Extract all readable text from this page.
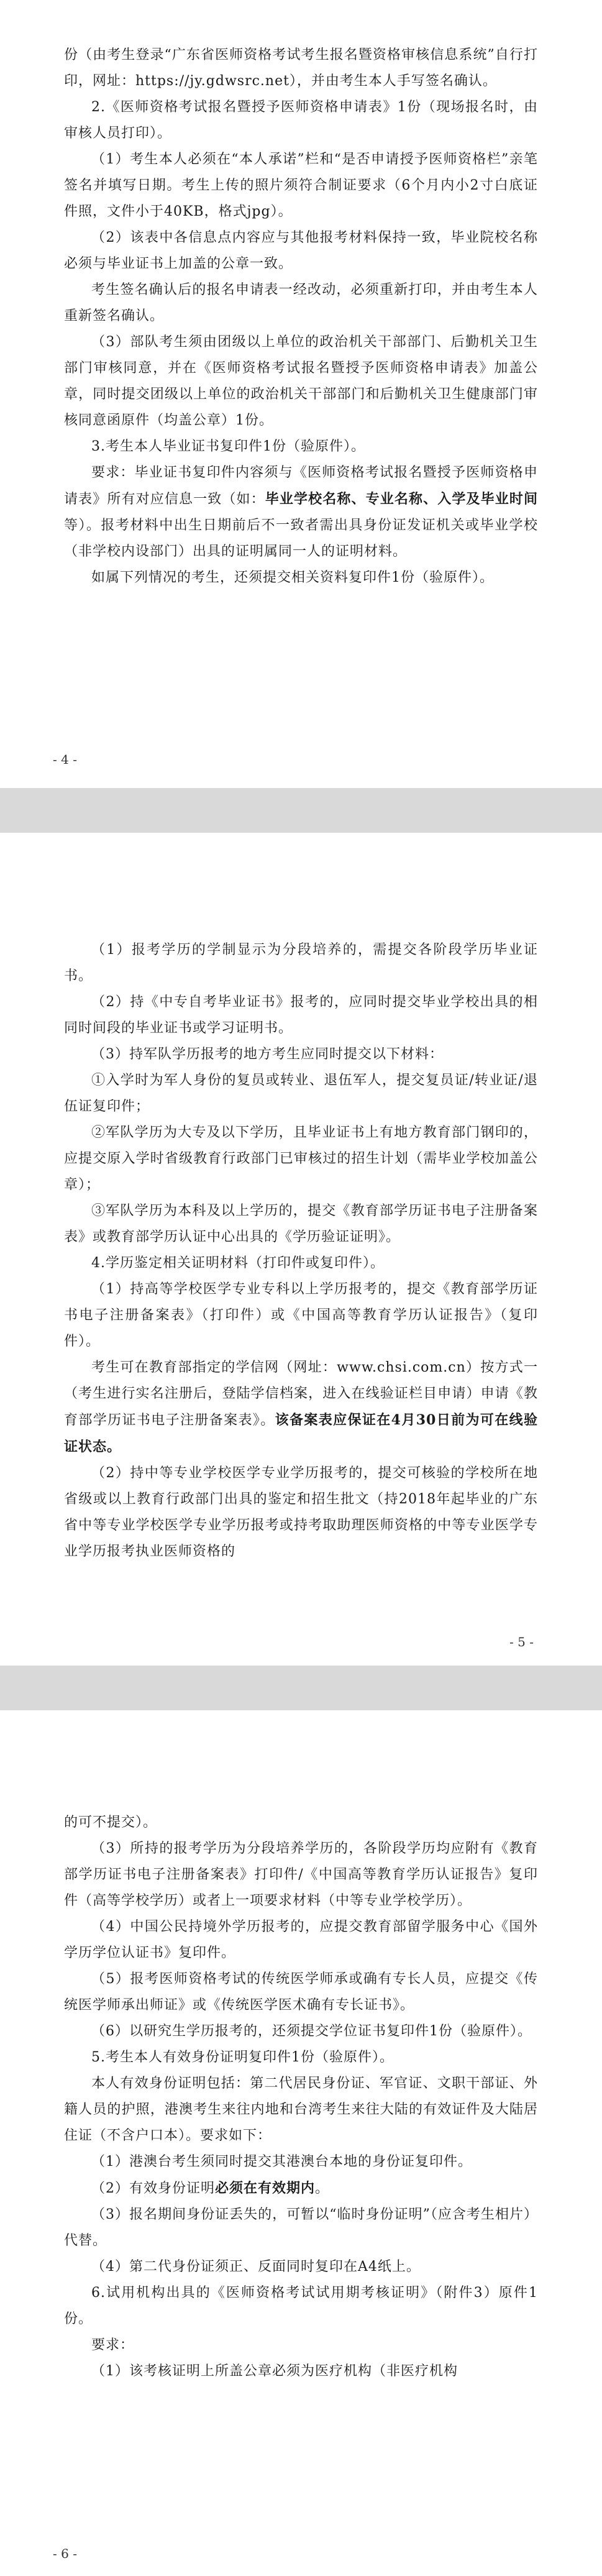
份（由考生登录“广东省医师资格考试考生报名暨资格审核信息系统”自行打印，网址：https://jy.gdwsrc.net），并由考生本人手写签名确认。

2.《医师资格考试报名暨授予医师资格申请表》1份（现场报名时，由审核人员打印）。

（1）考生本人必须在“本人承诺”栏和“是否申请授予医师资格栏”亲笔签名并填写日期。考生上传的照片须符合制证要求（6个月内小2寸白底证件照，文件小于40KB，格式jpg）。

（2）该表中各信息点内容应与其他报考材料保持一致，毕业院校名称必须与毕业证书上加盖的公章一致。

考生签名确认后的报名申请表一经改动，必须重新打印，并由考生本人重新签名确认。

（3）部队考生须由团级以上单位的政治机关干部部门、后勤机关卫生部门审核同意，并在《医师资格考试报名暨授予医师资格申请表》加盖公章，同时提交团级以上单位的政治机关干部部门和后勤机关卫生健康部门审核同意函原件（均盖公章）1份。

3.考生本人毕业证书复印件1份（验原件）。

要求：毕业证书复印件内容须与《医师资格考试报名暨授予医师资格申请表》所有对应信息一致（如：毕业学校名称、专业名称、入学及毕业时间等）。报考材料中出生日期前后不一致者需出具身份证发证机关或毕业学校（非学校内设部门）出具的证明属同一人的证明材料。

如属下列情况的考生，还须提交相关资料复印件1份（验原件）。

- 4 -

（1）报考学历的学制显示为分段培养的，需提交各阶段学历毕业证书。

（2）持《中专自考毕业证书》报考的，应同时提交毕业学校出具的相同时间段的毕业证书或学习证明书。

（3）持军队学历报考的地方考生应同时提交以下材料：

①入学时为军人身份的复员或转业、退伍军人，提交复员证/转业证/退伍证复印件；

②军队学历为大专及以下学历，且毕业证书上有地方教育部门钢印的，应提交原入学时省级教育行政部门已审核过的招生计划（需毕业学校加盖公章）；

③军队学历为本科及以上学历的，提交《教育部学历证书电子注册备案表》或教育部学历认证中心出具的《学历验证证明》。

4.学历鉴定相关证明材料（打印件或复印件）。

（1）持高等学校医学专业专科以上学历报考的，提交《教育部学历证书电子注册备案表》（打印件）或《中国高等教育学历认证报告》（复印件）。

考生可在教育部指定的学信网（网址：www.chsi.com.cn）按方式一（考生进行实名注册后，登陆学信档案，进入在线验证栏目申请）申请《教育部学历证书电子注册备案表》。该备案表应保证在4月30日前为可在线验证状态。

（2）持中等专业学校医学专业学历报考的，提交可核验的学校所在地省级或以上教育行政部门出具的鉴定和招生批文（持2018年起毕业的广东省中等专业学校医学专业学历报考或持考取助理医师资格的中等专业医学专业学历报考执业医师资格的

- 5 -

的可不提交）。

（3）所持的报考学历为分段培养学历的，各阶段学历均应附有《教育部学历证书电子注册备案表》打印件/《中国高等教育学历认证报告》复印件（高等学校学历）或者上一项要求材料（中等专业学校学历）。

（4）中国公民持境外学历报考的，应提交教育部留学服务中心《国外学历学位认证书》复印件。

（5）报考医师资格考试的传统医学师承或确有专长人员，应提交《传统医学师承出师证》或《传统医学医术确有专长证书》。

（6）以研究生学历报考的，还须提交学位证书复印件1份（验原件）。

5.考生本人有效身份证明复印件1份（验原件）。

本人有效身份证明包括：第二代居民身份证、军官证、文职干部证、外籍人员的护照，港澳考生来往内地和台湾考生来往大陆的有效证件及大陆居住证（不含户口本）。要求如下：

（1）港澳台考生须同时提交其港澳台本地的身份证复印件。

（2）有效身份证明必须在有效期内。

（3）报名期间身份证丢失的，可暂以“临时身份证明”（应含考生相片）代替。

（4）第二代身份证须正、反面同时复印在A4纸上。

6.试用机构出具的《医师资格考试试用期考核证明》（附件3）原件1份。

要求：

（1）该考核证明上所盖公章必须为医疗机构（非医疗机构

- 6 -
